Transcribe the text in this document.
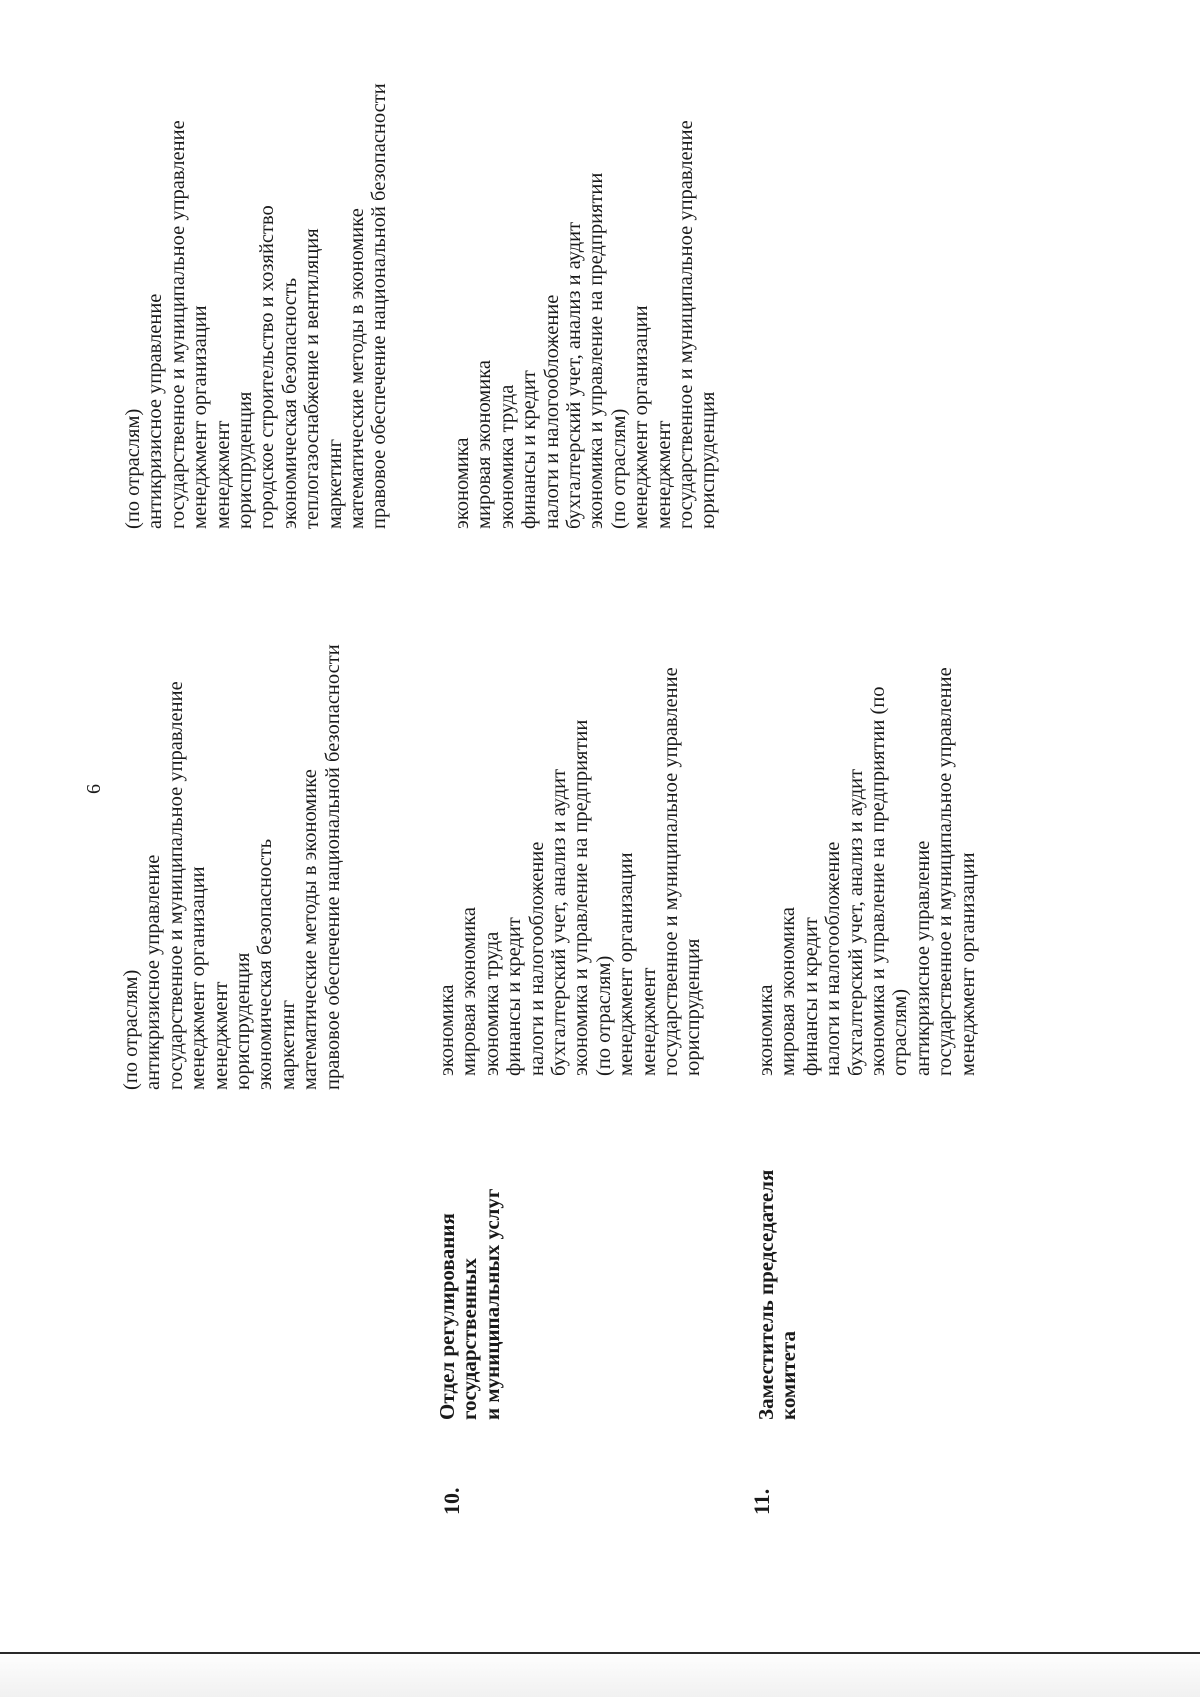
6
(по отраслям) антикризисное управление государственное и муниципальное управление менеджмент организации менеджмент юриспруденция экономическая безопасность маркетинг математические методы в экономике правовое обеспечение национальной безопасности
(по отраслям) антикризисное управление государственное и муниципальное управление менеджмент организации менеджмент юриспруденция городское строительство и хозяйство экономическая безопасность теплогазоснабжение и вентиляция маркетинг математические методы в экономике правовое обеспечение национальной безопасности
10.
Отдел регулирования
государственных
и муниципальных услуг
экономика мировая экономика экономика труда финансы и кредит налоги и налогообложение бухгалтерский учет, анализ и аудит экономика и управление на предприятии (по отраслям) менеджмент организации менеджмент государственное и муниципальное управление юриспруденция
экономика мировая экономика экономика труда финансы и кредит налоги и налогообложение бухгалтерский учет, анализ и аудит экономика и управление на предприятии (по отраслям) менеджмент организации менеджмент государственное и муниципальное управление юриспруденция
11.
Заместитель председателя
комитета
экономика мировая экономика финансы и кредит налоги и налогообложение бухгалтерский учет, анализ и аудит экономика и управление на предприятии (по отраслям) антикризисное управление государственное и муниципальное управление менеджмент организации
